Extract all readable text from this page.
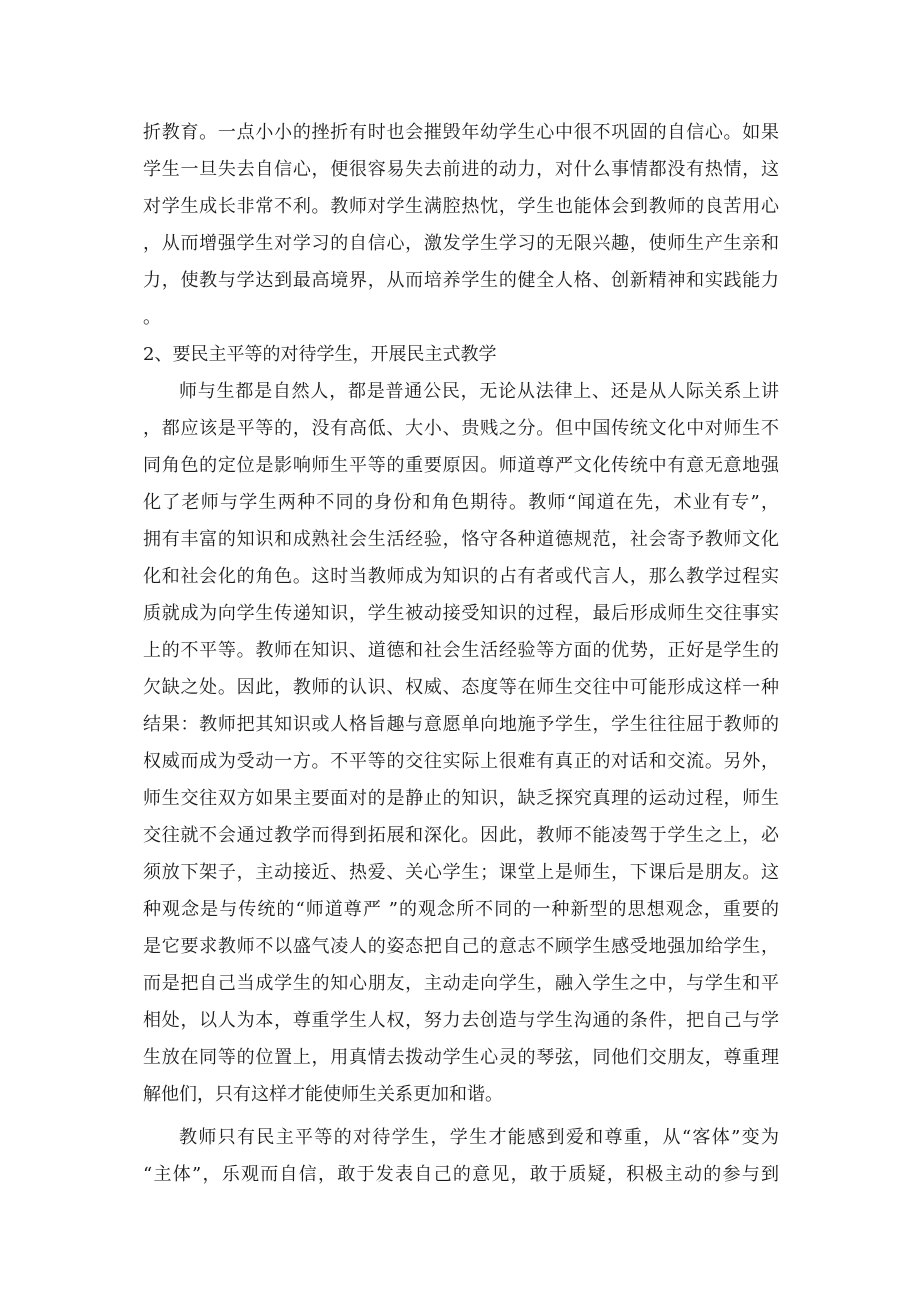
折教育。一点小小的挫折有时也会摧毁年幼学生心中很不巩固的自信心。如果

学生一旦失去自信心，便很容易失去前进的动力，对什么事情都没有热情，这

对学生成长非常不利。教师对学生满腔热忱，学生也能体会到教师的良苦用心

，从而增强学生对学习的自信心，激发学生学习的无限兴趣，使师生产生亲和

力，使教与学达到最高境界，从而培养学生的健全人格、创新精神和实践能力

。

2、要民主平等的对待学生，开展民主式教学

师与生都是自然人，都是普通公民，无论从法律上、还是从人际关系上讲

，都应该是平等的，没有高低、大小、贵贱之分。但中国传统文化中对师生不

同角色的定位是影响师生平等的重要原因。师道尊严文化传统中有意无意地强

化了老师与学生两种不同的身份和角色期待。教师“闻道在先，术业有专”，

拥有丰富的知识和成熟社会生活经验，恪守各种道德规范，社会寄予教师文化

化和社会化的角色。这时当教师成为知识的占有者或代言人，那么教学过程实

质就成为向学生传递知识，学生被动接受知识的过程，最后形成师生交往事实

上的不平等。教师在知识、道德和社会生活经验等方面的优势，正好是学生的

欠缺之处。因此，教师的认识、权威、态度等在师生交往中可能形成这样一种

结果：教师把其知识或人格旨趣与意愿单向地施予学生，学生往往屈于教师的

权威而成为受动一方。不平等的交往实际上很难有真正的对话和交流。另外，

师生交往双方如果主要面对的是静止的知识，缺乏探究真理的运动过程，师生

交往就不会通过教学而得到拓展和深化。因此，教师不能凌驾于学生之上，必

须放下架子，主动接近、热爱、关心学生；课堂上是师生，下课后是朋友。这

种观念是与传统的“师道尊严 ”的观念所不同的一种新型的思想观念，重要的

是它要求教师不以盛气凌人的姿态把自己的意志不顾学生感受地强加给学生，

而是把自己当成学生的知心朋友，主动走向学生，融入学生之中，与学生和平

相处，以人为本，尊重学生人权，努力去创造与学生沟通的条件，把自己与学

生放在同等的位置上，用真情去拨动学生心灵的琴弦，同他们交朋友，尊重理

解他们，只有这样才能使师生关系更加和谐。

教师只有民主平等的对待学生，学生才能感到爱和尊重，从“客体”变为

“主体”，乐观而自信，敢于发表自己的意见，敢于质疑，积极主动的参与到
